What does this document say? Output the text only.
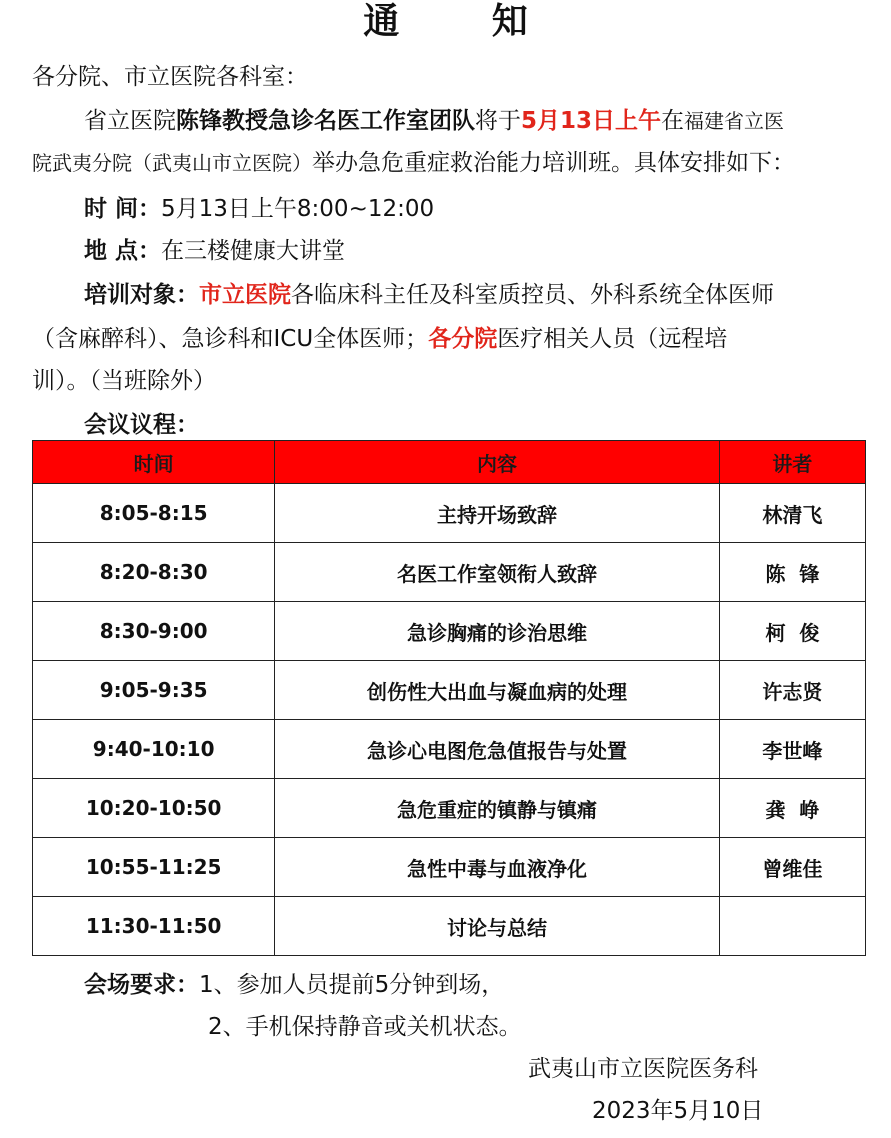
通 知
各分院、市立医院各科室：
省立医院陈锋教授急诊名医工作室团队将于5月13日上午在福建省立医
院武夷分院（武夷山市立医院）举办急危重症救治能力培训班。具体安排如下：
时 间：5月13日上午8:00~12:00
地 点：在三楼健康大讲堂
培训对象：市立医院各临床科主任及科室质控员、外科系统全体医师
（含麻醉科）、急诊科和ICU全体医师；各分院医疗相关人员（远程培
训）。（当班除外）
会议议程：
时间	内容	讲者
8:05-8:15	主持开场致辞	林清飞
8:20-8:30	名医工作室领衔人致辞	陈  锋
8:30-9:00	急诊胸痛的诊治思维	柯  俊
9:05-9:35	创伤性大出血与凝血病的处理	许志贤
9:40-10:10	急诊心电图危急值报告与处置	李世峰
10:20-10:50	急危重症的镇静与镇痛	龚  峥
10:55-11:25	急性中毒与血液净化	曾维佳
11:30-11:50	讨论与总结	
会场要求：1、参加人员提前5分钟到场，
2、手机保持静音或关机状态。
武夷山市立医院医务科
2023年5月10日
